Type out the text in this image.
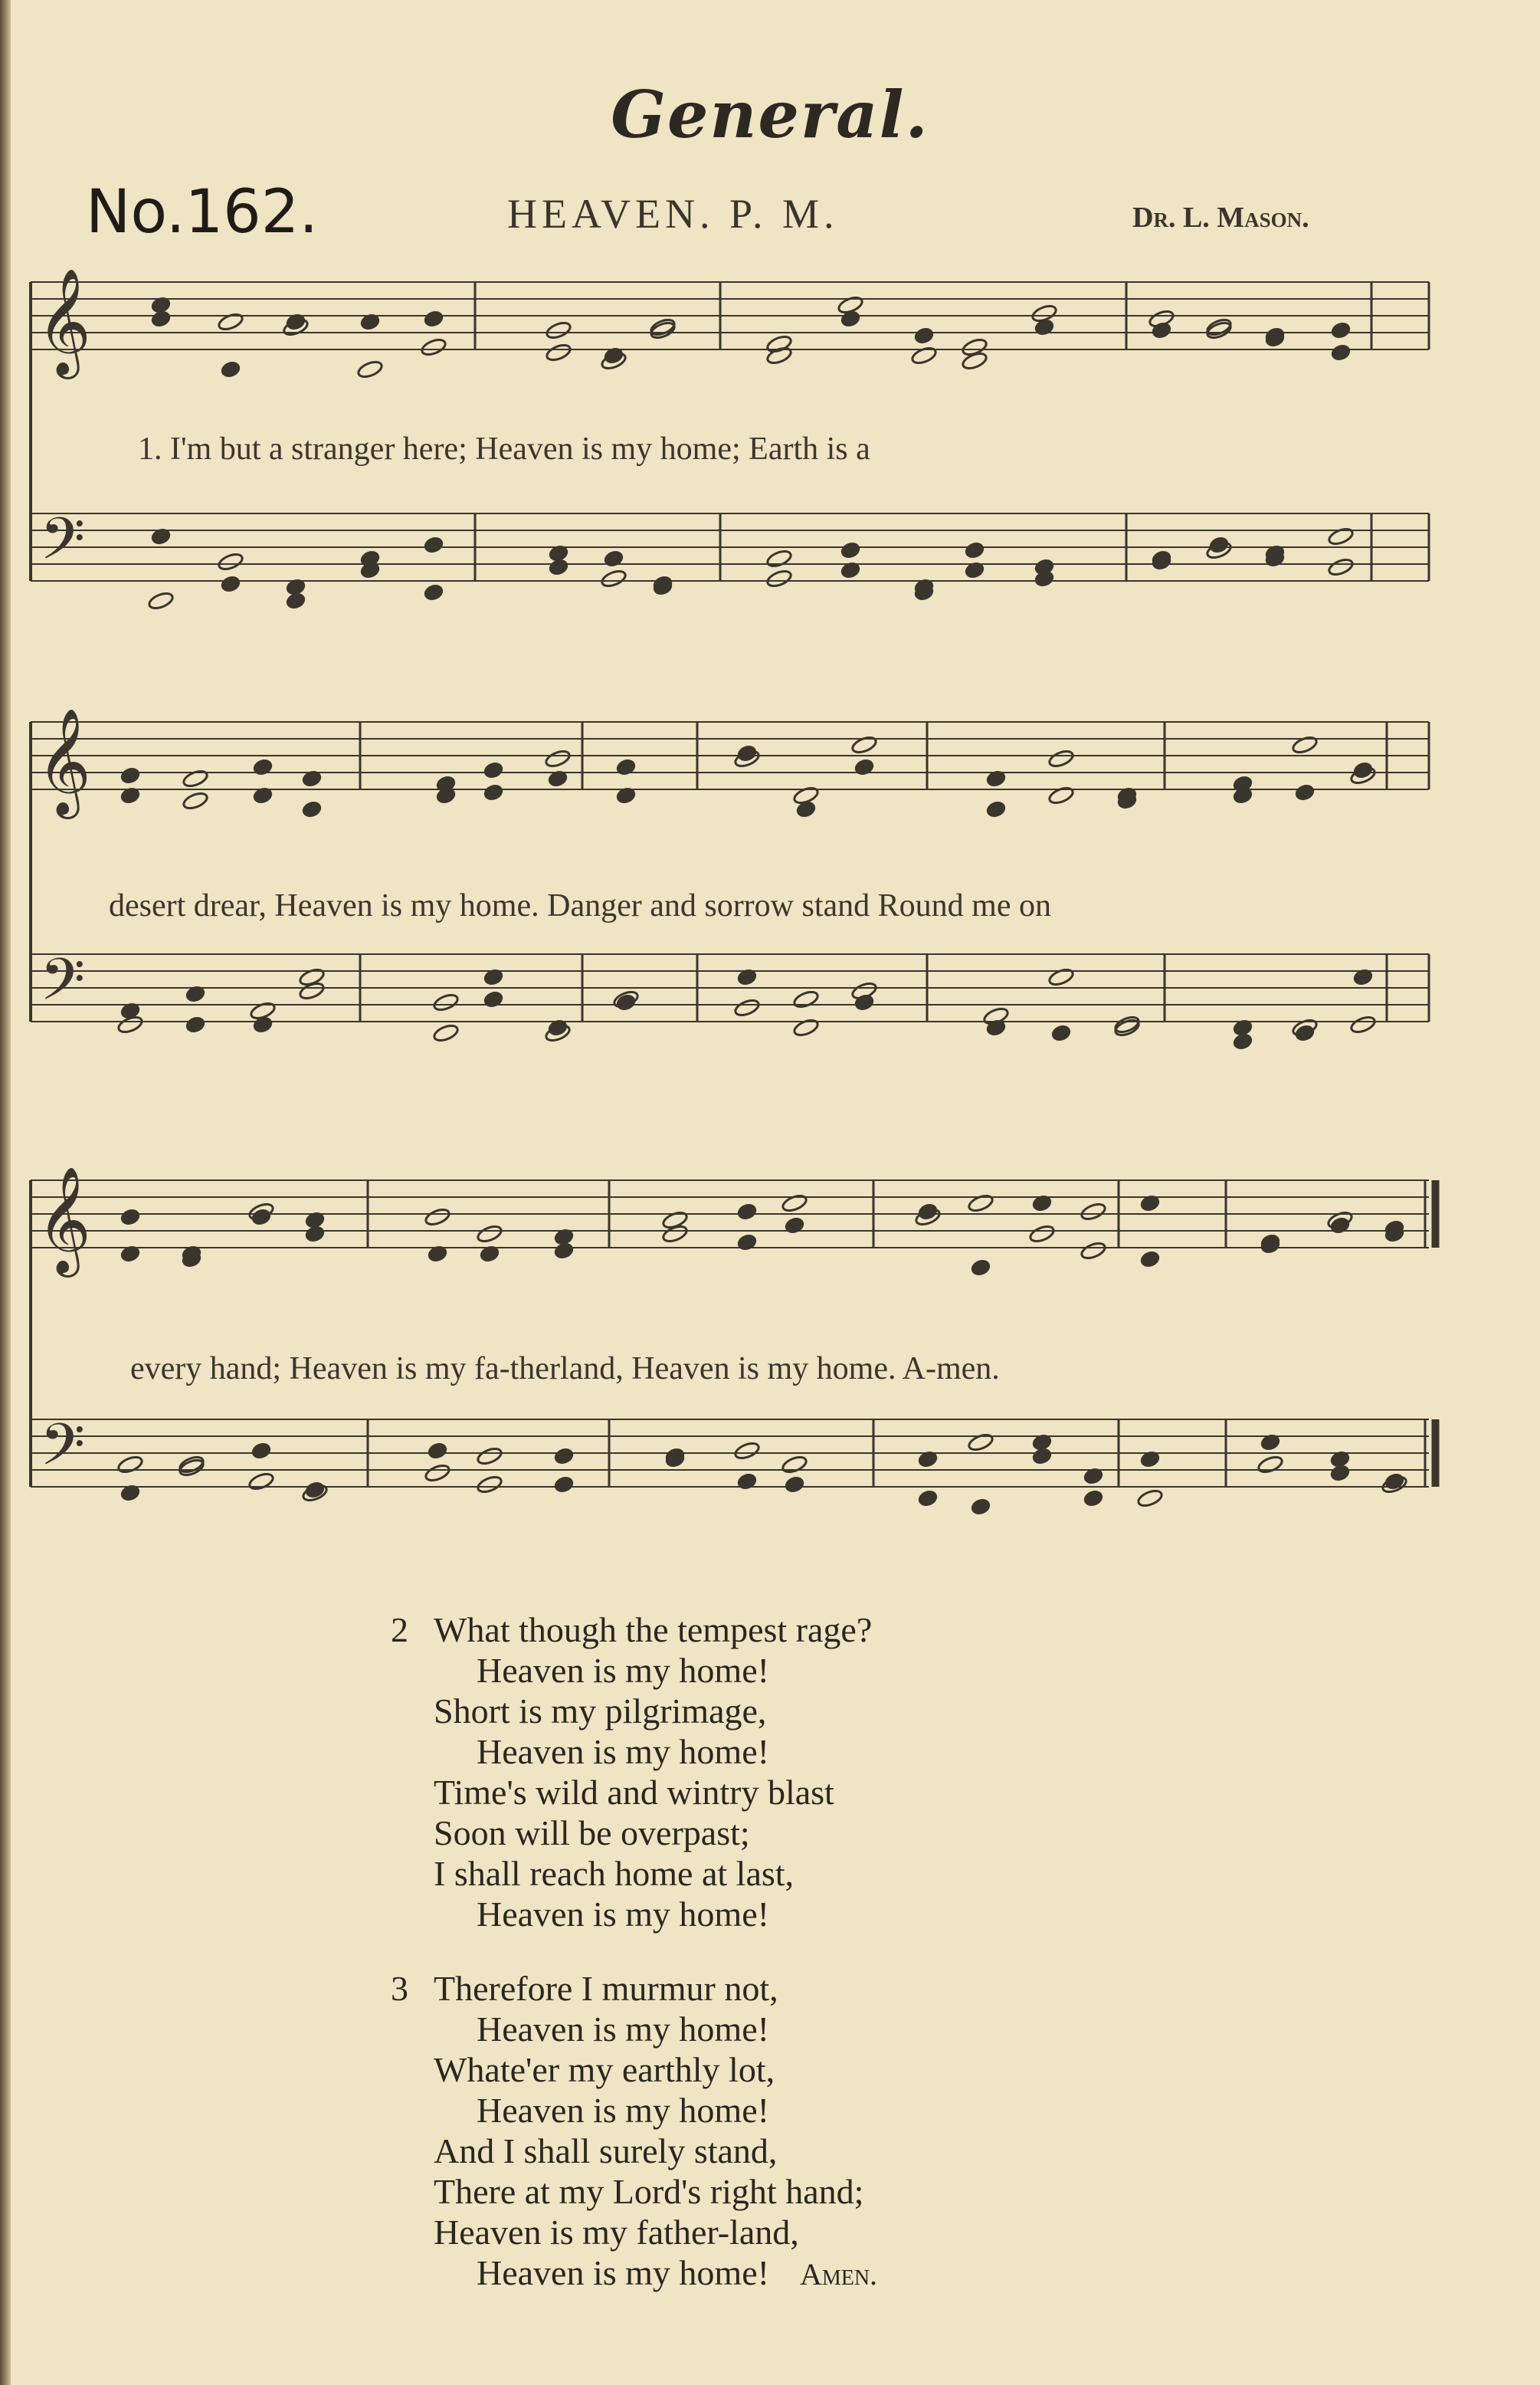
General.
No.162.	HEAVEN. P. M.	Dr. L. Mason.
𝄞
𝄢
1. I'm but a stranger here; Heaven is my home; Earth is a
𝄞
𝄢
desert drear, Heaven is my home. Danger and sorrow stand Round me on
𝄞
𝄢
every hand; Heaven is my fa-therland, Heaven is my home. A-men.
2 What though the tempest rage?
Heaven is my home!
Short is my pilgrimage,
Heaven is my home!
Time's wild and wintry blast
Soon will be overpast;
I shall reach home at last,
Heaven is my home!
3 Therefore I murmur not,
Heaven is my home!
Whate'er my earthly lot,
Heaven is my home!
And I shall surely stand,
There at my Lord's right hand;
Heaven is my father-land,
Heaven is my home! Amen.
